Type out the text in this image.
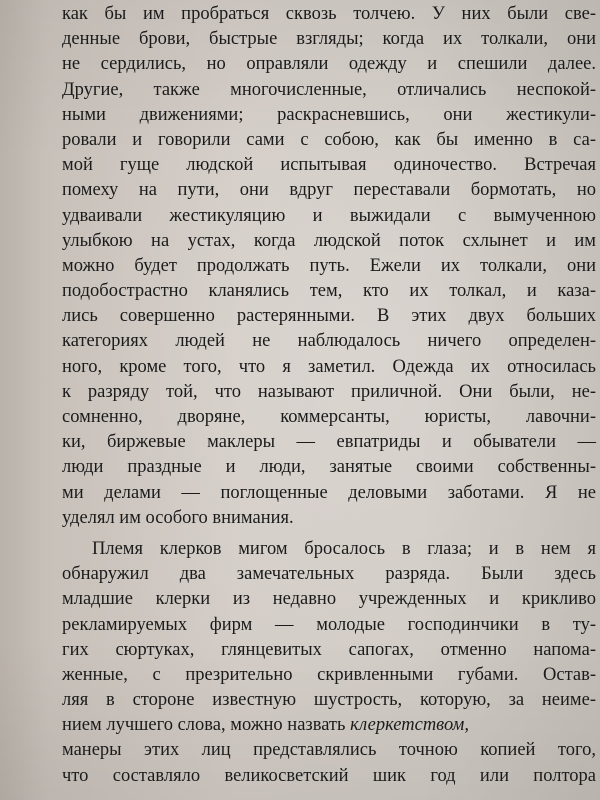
как бы им пробраться сквозь толчею. У них были све-
денные брови, быстрые взгляды; когда их толкали, они
не сердились, но оправляли одежду и спешили далее.
Другие, также многочисленные, отличались неспокой-
ными движениями; раскрасневшись, они жестикули-
ровали и говорили сами с собою, как бы именно в са-
мой гуще людской испытывая одиночество. Встречая
помеху на пути, они вдруг переставали бормотать, но
удваивали жестикуляцию и выжидали с вымученною
улыбкою на устах, когда людской поток схлынет и им
можно будет продолжать путь. Ежели их толкали, они
подобострастно кланялись тем, кто их толкал, и каза-
лись совершенно растерянными. В этих двух больших
категориях людей не наблюдалось ничего определен-
ного, кроме того, что я заметил. Одежда их относилась
к разряду той, что называют приличной. Они были, не-
сомненно, дворяне, коммерсанты, юристы, лавочни-
ки, биржевые маклеры — евпатриды и обыватели —
люди праздные и люди, занятые своими собственны-
ми делами — поглощенные деловыми заботами. Я не
уделял им особого внимания.
Племя клерков мигом бросалось в глаза; и в нем я
обнаружил два замечательных разряда. Были здесь
младшие клерки из недавно учрежденных и крикливо
рекламируемых фирм — молодые господинчики в ту-
гих сюртуках, глянцевитых сапогах, отменно напома-
женные, с презрительно скривленными губами. Остав-
ляя в стороне известную шустрость, которую, за неиме-
нием лучшего слова, можно назвать клеркетством,
манеры этих лиц представлялись точною копией того,
что составляло великосветский шик год или полтора
